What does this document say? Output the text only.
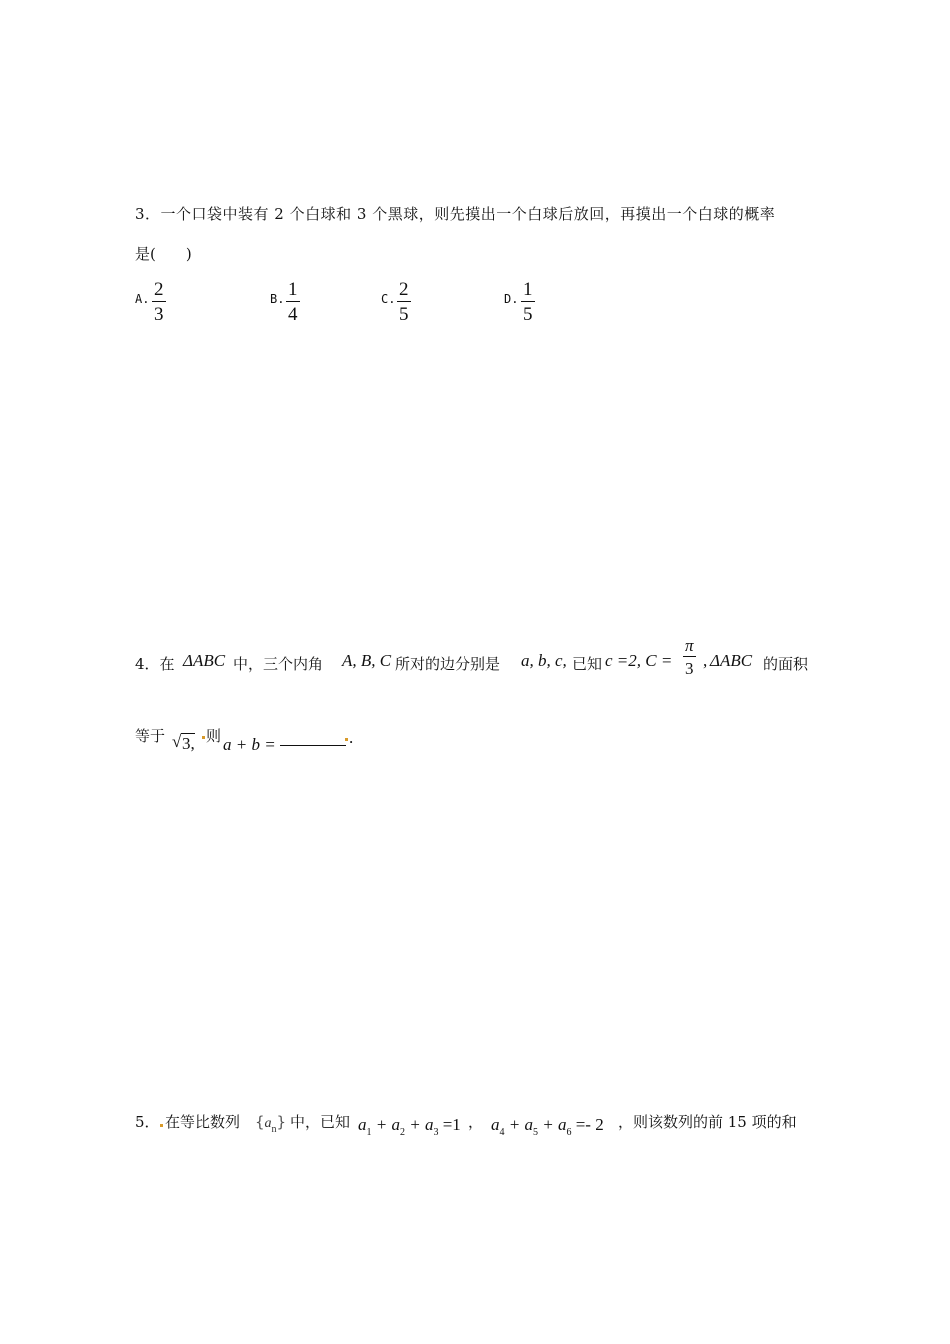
3．一个口袋中装有 2 个白球和 3 个黑球，则先摸出一个白球后放回，再摸出一个白球的概率
是(　　)
A. 2
3
B. 1
4
C. 2
5
D. 1
5
4．在 ΔABC 中，三个内角 A, B, C 所对的边分别是 a, b, c, 已知 c =2, C =
π
3 , ΔABC 的面积
等于 √ 3, 则 a + b =	.
5． 在等比数列 $\{a_n\}$ 中，已知 $a_1 + a_2 + a_3 =1$ ， $a_4 + a_5 + a_6 =- 2$ ，则该数列的前 15 项的和
